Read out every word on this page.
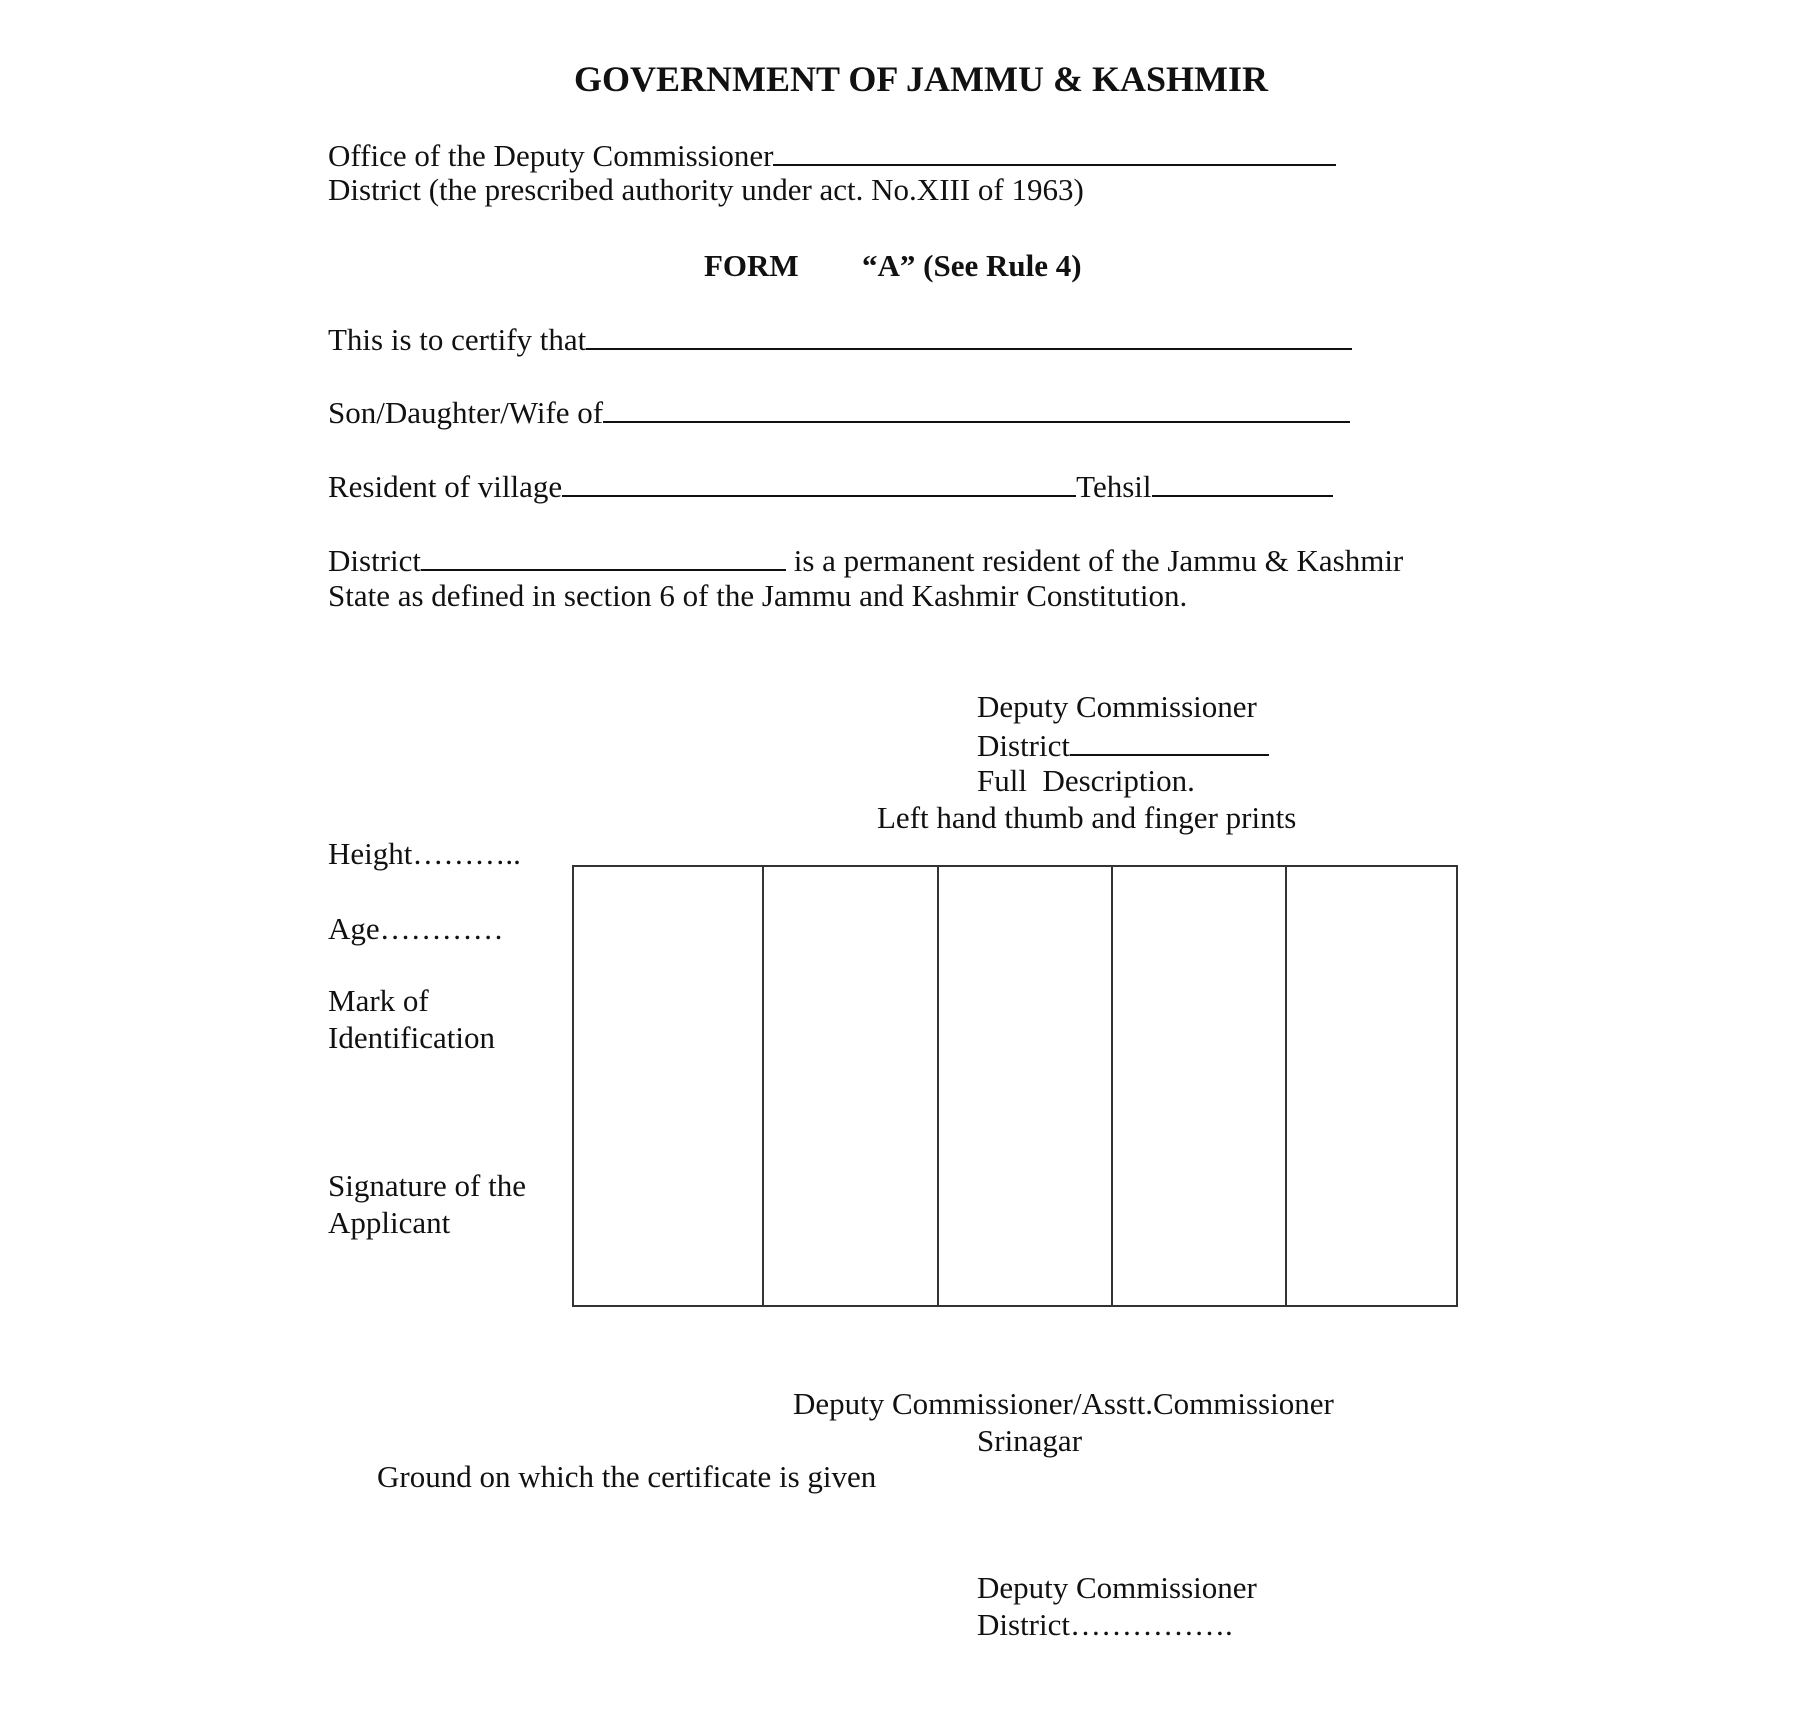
GOVERNMENT OF JAMMU & KASHMIR
Office of the Deputy Commissioner
District (the prescribed authority under act. No.XIII of 1963)
FORM “A” (See Rule 4)
This is to certify that
Son/Daughter/Wife of
Resident of village	Tehsil
District	is a permanent resident of the Jammu & Kashmir
State as defined in section 6 of the Jammu and Kashmir Constitution.
Deputy Commissioner
District
Full  Description.
Left hand thumb and finger prints
Height………..
Age…………
Mark of
Identification
Signature of the
Applicant
Deputy Commissioner/Asstt.Commissioner
Srinagar
Ground on which the certificate is given
Deputy Commissioner
District…………….
